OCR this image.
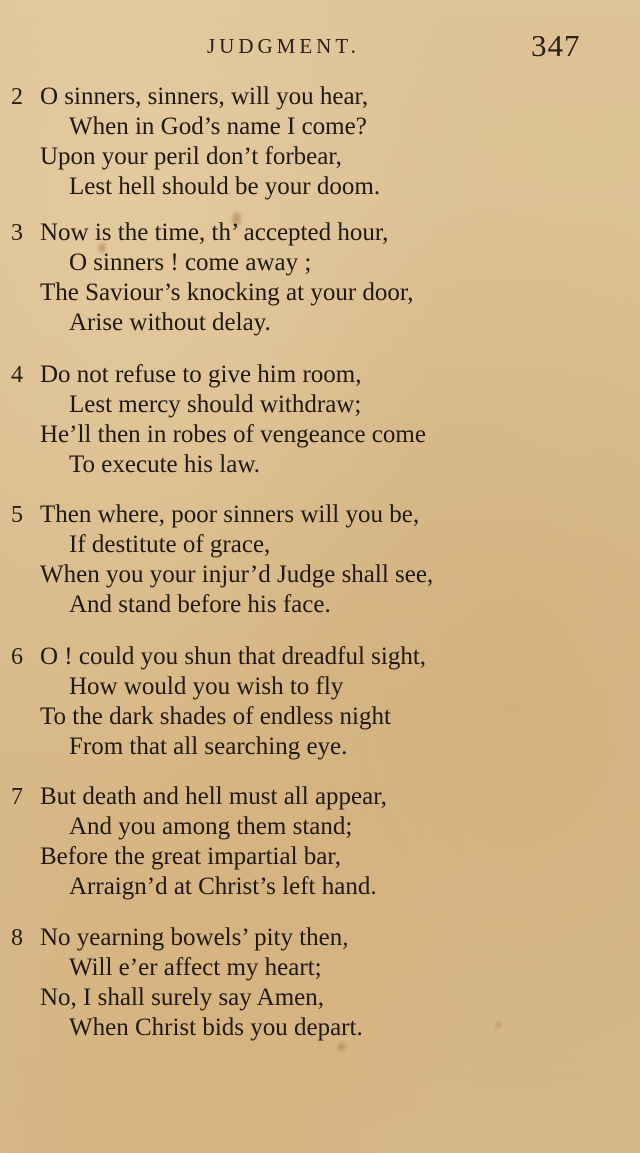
JUDGMENT.	347
2 O sinners, sinners, will you hear,
When in God’s name I come?
Upon your peril don’t forbear,
Lest hell should be your doom.
3 Now is the time, th’ accepted hour,
O sinners ! come away ;
The Saviour’s knocking at your door,
Arise without delay.
4 Do not refuse to give him room,
Lest mercy should withdraw;
He’ll then in robes of vengeance come
To execute his law.
5 Then where, poor sinners will you be,
If destitute of grace,
When you your injur’d Judge shall see,
And stand before his face.
6 O ! could you shun that dreadful sight,
How would you wish to fly
To the dark shades of endless night
From that all searching eye.
7 But death and hell must all appear,
And you among them stand;
Before the great impartial bar,
Arraign’d at Christ’s left hand.
8 No yearning bowels’ pity then,
Will e’er affect my heart;
No, I shall surely say Amen,
When Christ bids you depart.
